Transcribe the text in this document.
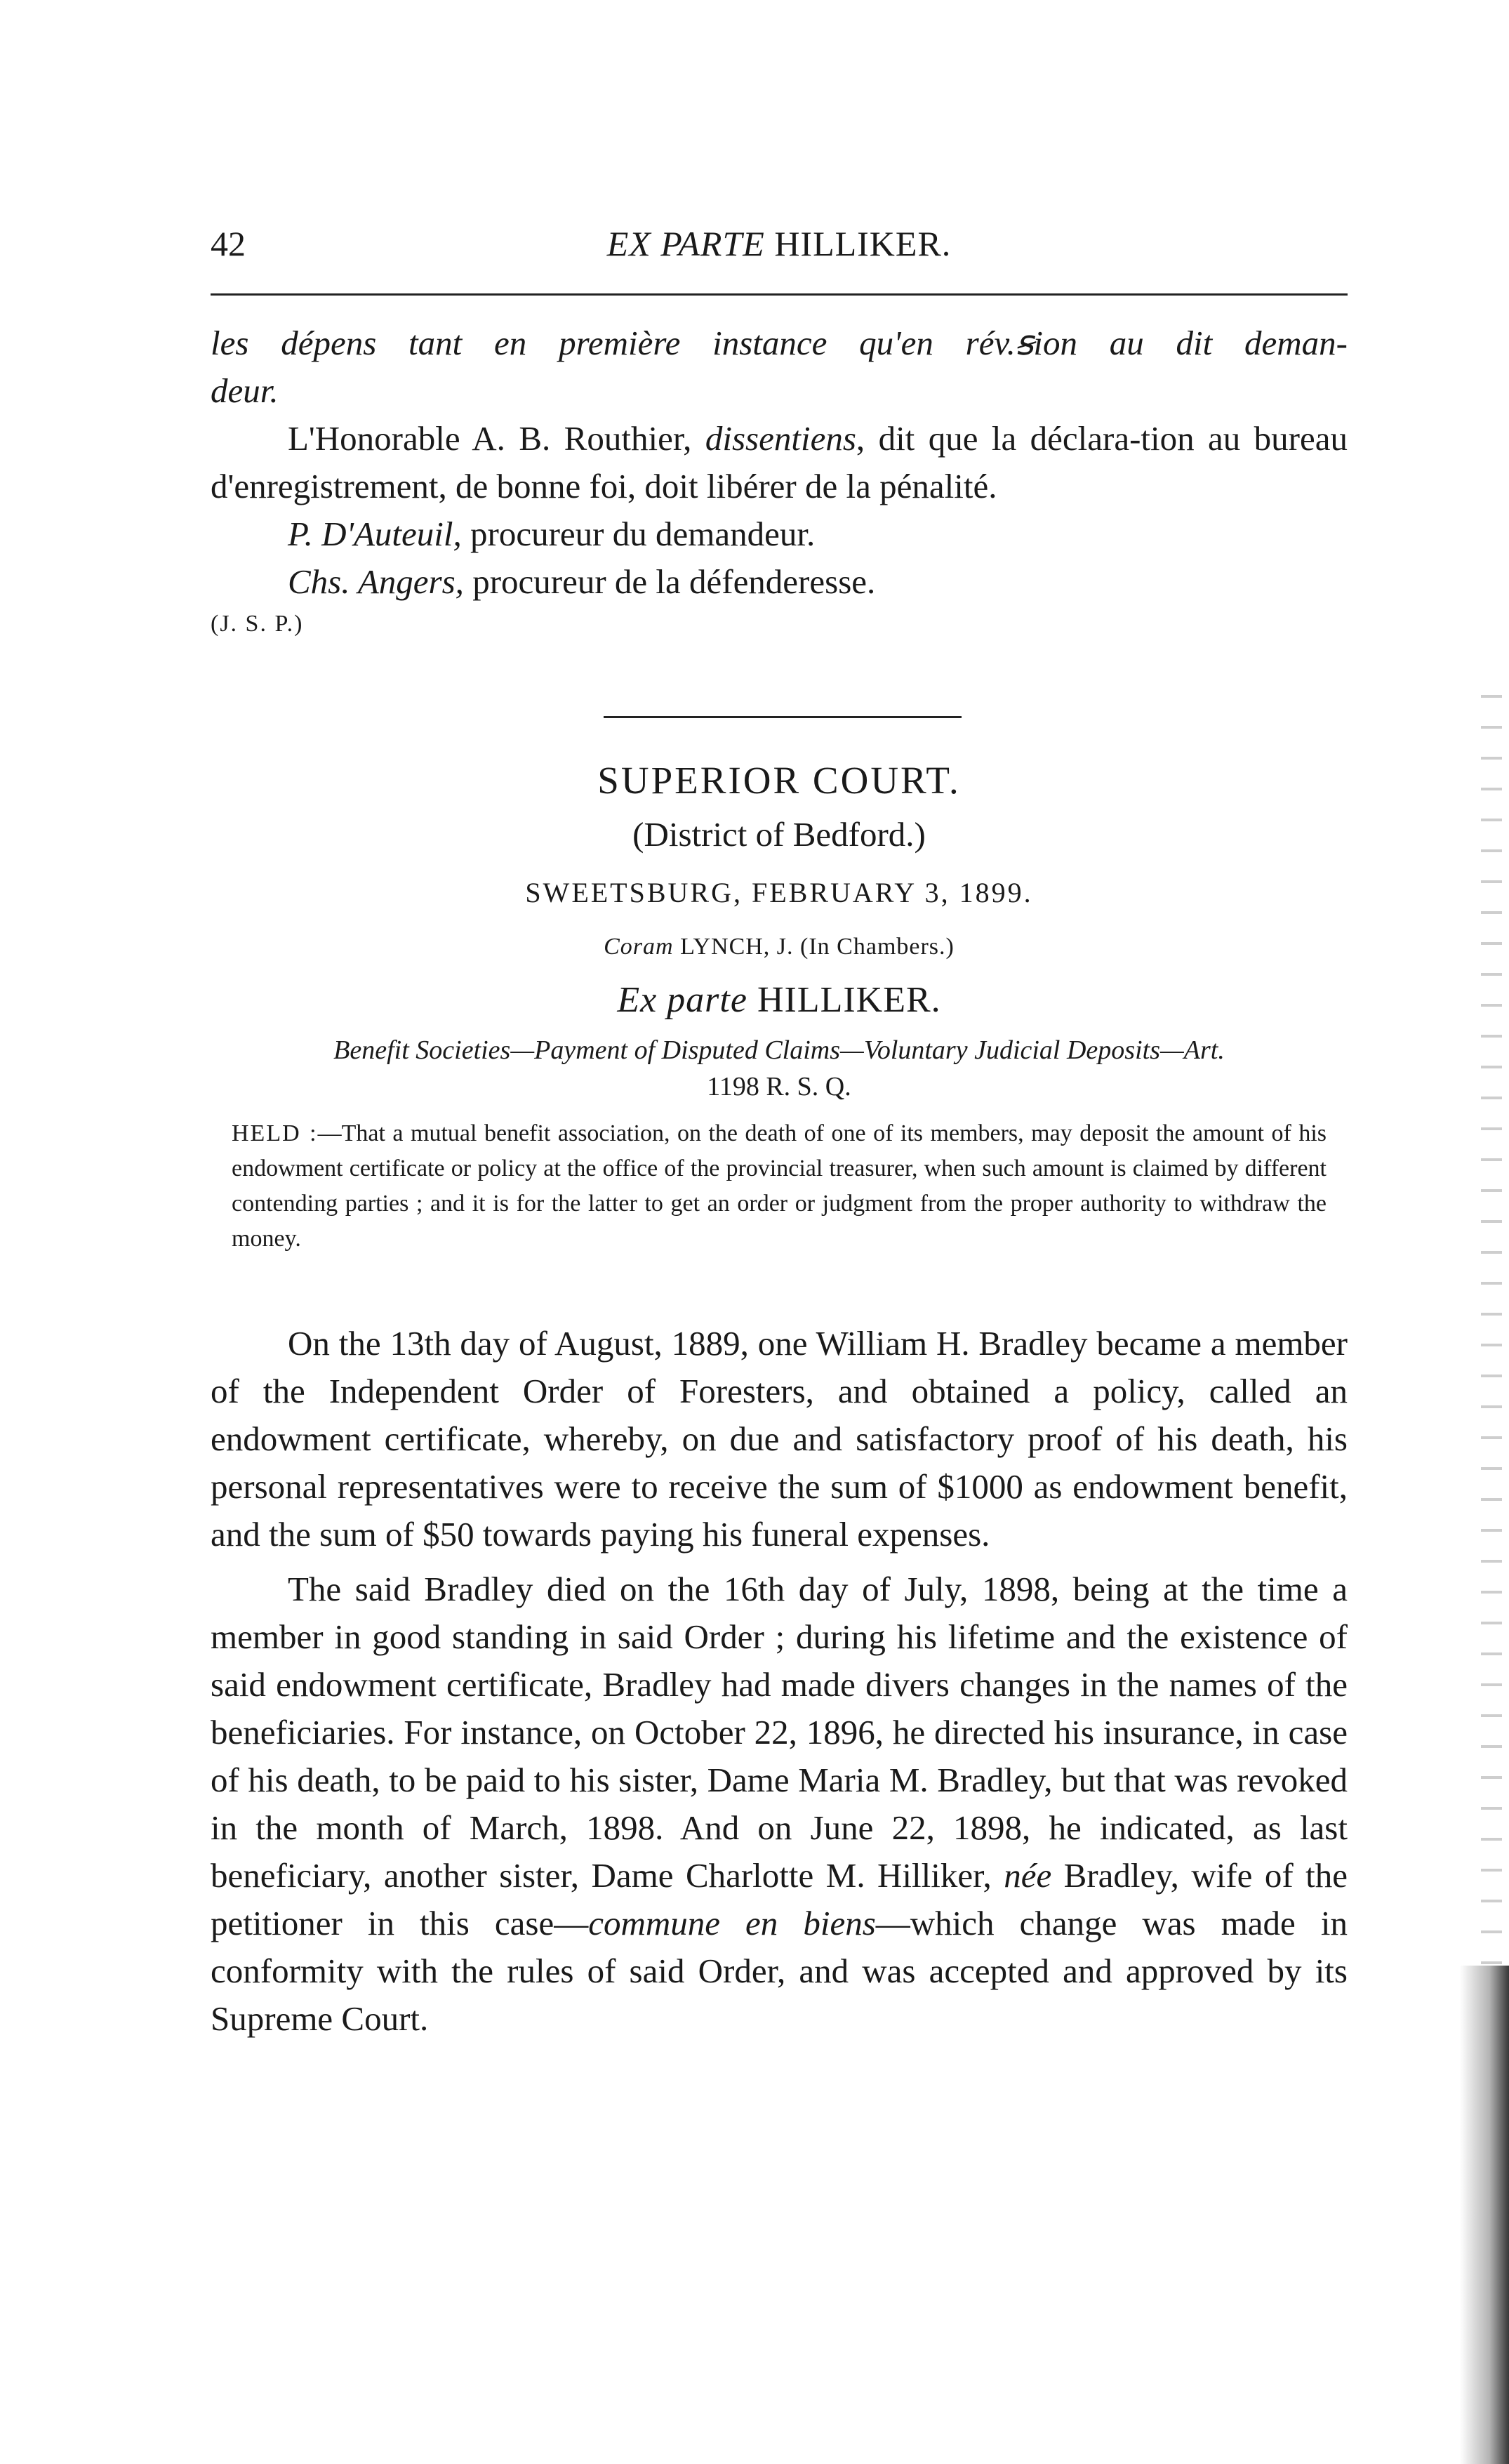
42	EX PARTE HILLIKER.

les dépens tant en première instance qu'en rév.ꞩion au dit deman-

deur.

L'Honorable A. B. Routhier, dissentiens, dit que la déclara-tion au bureau d'enregistrement, de bonne foi, doit libérer de la pénalité.

P. D'Auteuil, procureur du demandeur.

Chs. Angers, procureur de la défenderesse.

(J. S. P.)

SUPERIOR COURT.

(District of Bedford.)

SWEETSBURG, FEBRUARY 3, 1899.

Coram LYNCH, J. (In Chambers.)

Ex parte HILLIKER.

Benefit Societies—Payment of Disputed Claims—Voluntary Judicial Deposits—Art.
1198 R. S. Q.

HELD :—That a mutual benefit association, on the death of one of its members, may deposit the amount of his endowment certificate or policy at the office of the provincial treasurer, when such amount is claimed by different contending parties ; and it is for the latter to get an order or judgment from the proper authority to withdraw the money.

On the 13th day of August, 1889, one William H. Bradley became a member of the Independent Order of Foresters, and obtained a policy, called an endowment certificate, whereby, on due and satisfactory proof of his death, his personal representatives were to receive the sum of $1000 as endowment benefit, and the sum of $50 towards paying his funeral expenses.

The said Bradley died on the 16th day of July, 1898, being at the time a member in good standing in said Order ; during his lifetime and the existence of said endowment certificate, Bradley had made divers changes in the names of the beneficiaries. For instance, on October 22, 1896, he directed his insurance, in case of his death, to be paid to his sister, Dame Maria M. Bradley, but that was revoked in the month of March, 1898. And on June 22, 1898, he indicated, as last beneficiary, another sister, Dame Charlotte M. Hilliker, née Bradley, wife of the petitioner in this case—commune en biens—which change was made in conformity with the rules of said Order, and was accepted and approved by its Supreme Court.
